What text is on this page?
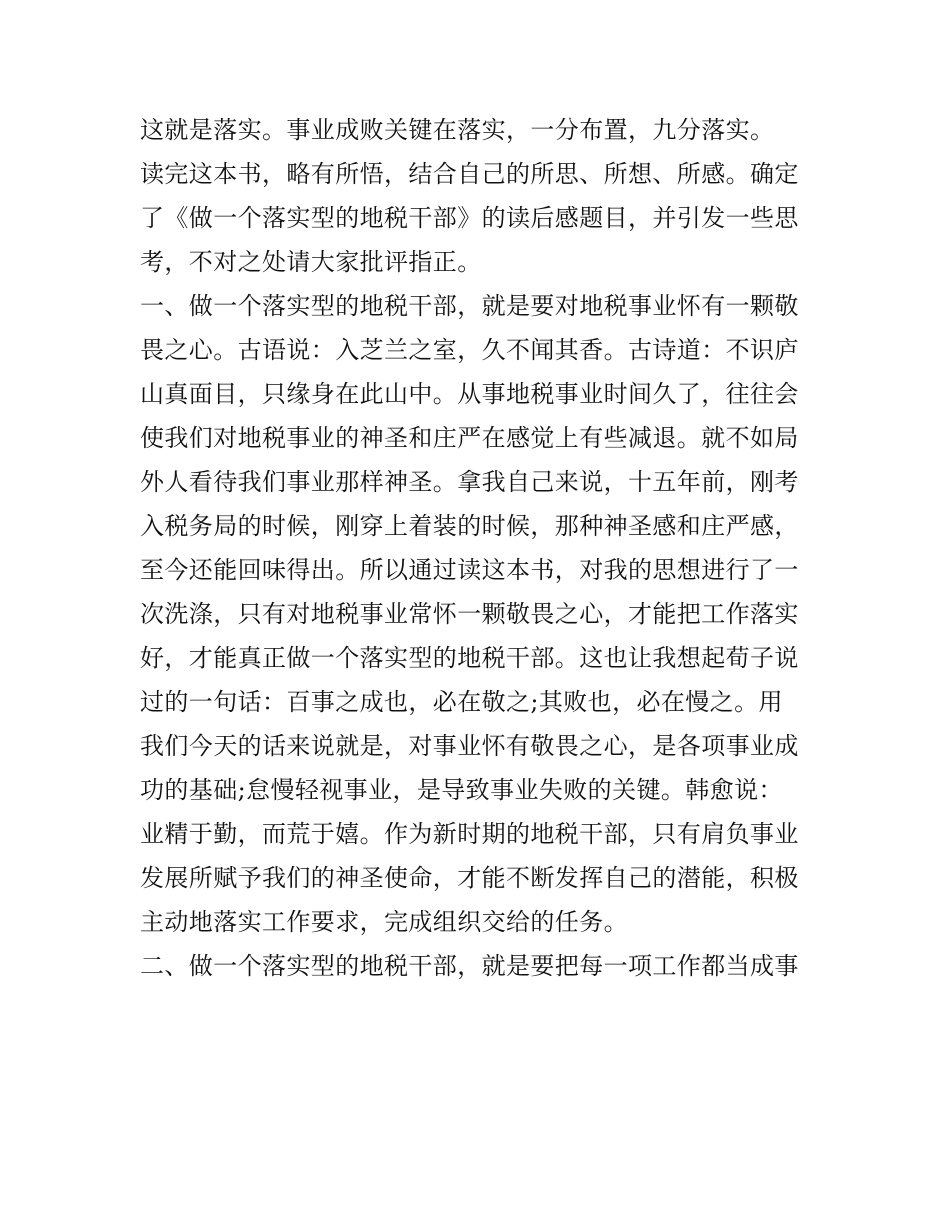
这就是落实。事业成败关键在落实，一分布置，九分落实。
读完这本书，略有所悟，结合自己的所思、所想、所感。确定
了《做一个落实型的地税干部》的读后感题目，并引发一些思
考，不对之处请大家批评指正。
一、做一个落实型的地税干部，就是要对地税事业怀有一颗敬
畏之心。古语说：入芝兰之室，久不闻其香。古诗道：不识庐
山真面目，只缘身在此山中。从事地税事业时间久了，往往会
使我们对地税事业的神圣和庄严在感觉上有些减退。就不如局
外人看待我们事业那样神圣。拿我自己来说，十五年前，刚考
入税务局的时候，刚穿上着装的时候，那种神圣感和庄严感，
至今还能回味得出。所以通过读这本书，对我的思想进行了一
次洗涤，只有对地税事业常怀一颗敬畏之心，才能把工作落实
好，才能真正做一个落实型的地税干部。这也让我想起荀子说
过的一句话：百事之成也，必在敬之;其败也，必在慢之。用
我们今天的话来说就是，对事业怀有敬畏之心，是各项事业成
功的基础;怠慢轻视事业，是导致事业失败的关键。韩愈说：
业精于勤，而荒于嬉。作为新时期的地税干部，只有肩负事业
发展所赋予我们的神圣使命，才能不断发挥自己的潜能，积极
主动地落实工作要求，完成组织交给的任务。
二、做一个落实型的地税干部，就是要把每一项工作都当成事
